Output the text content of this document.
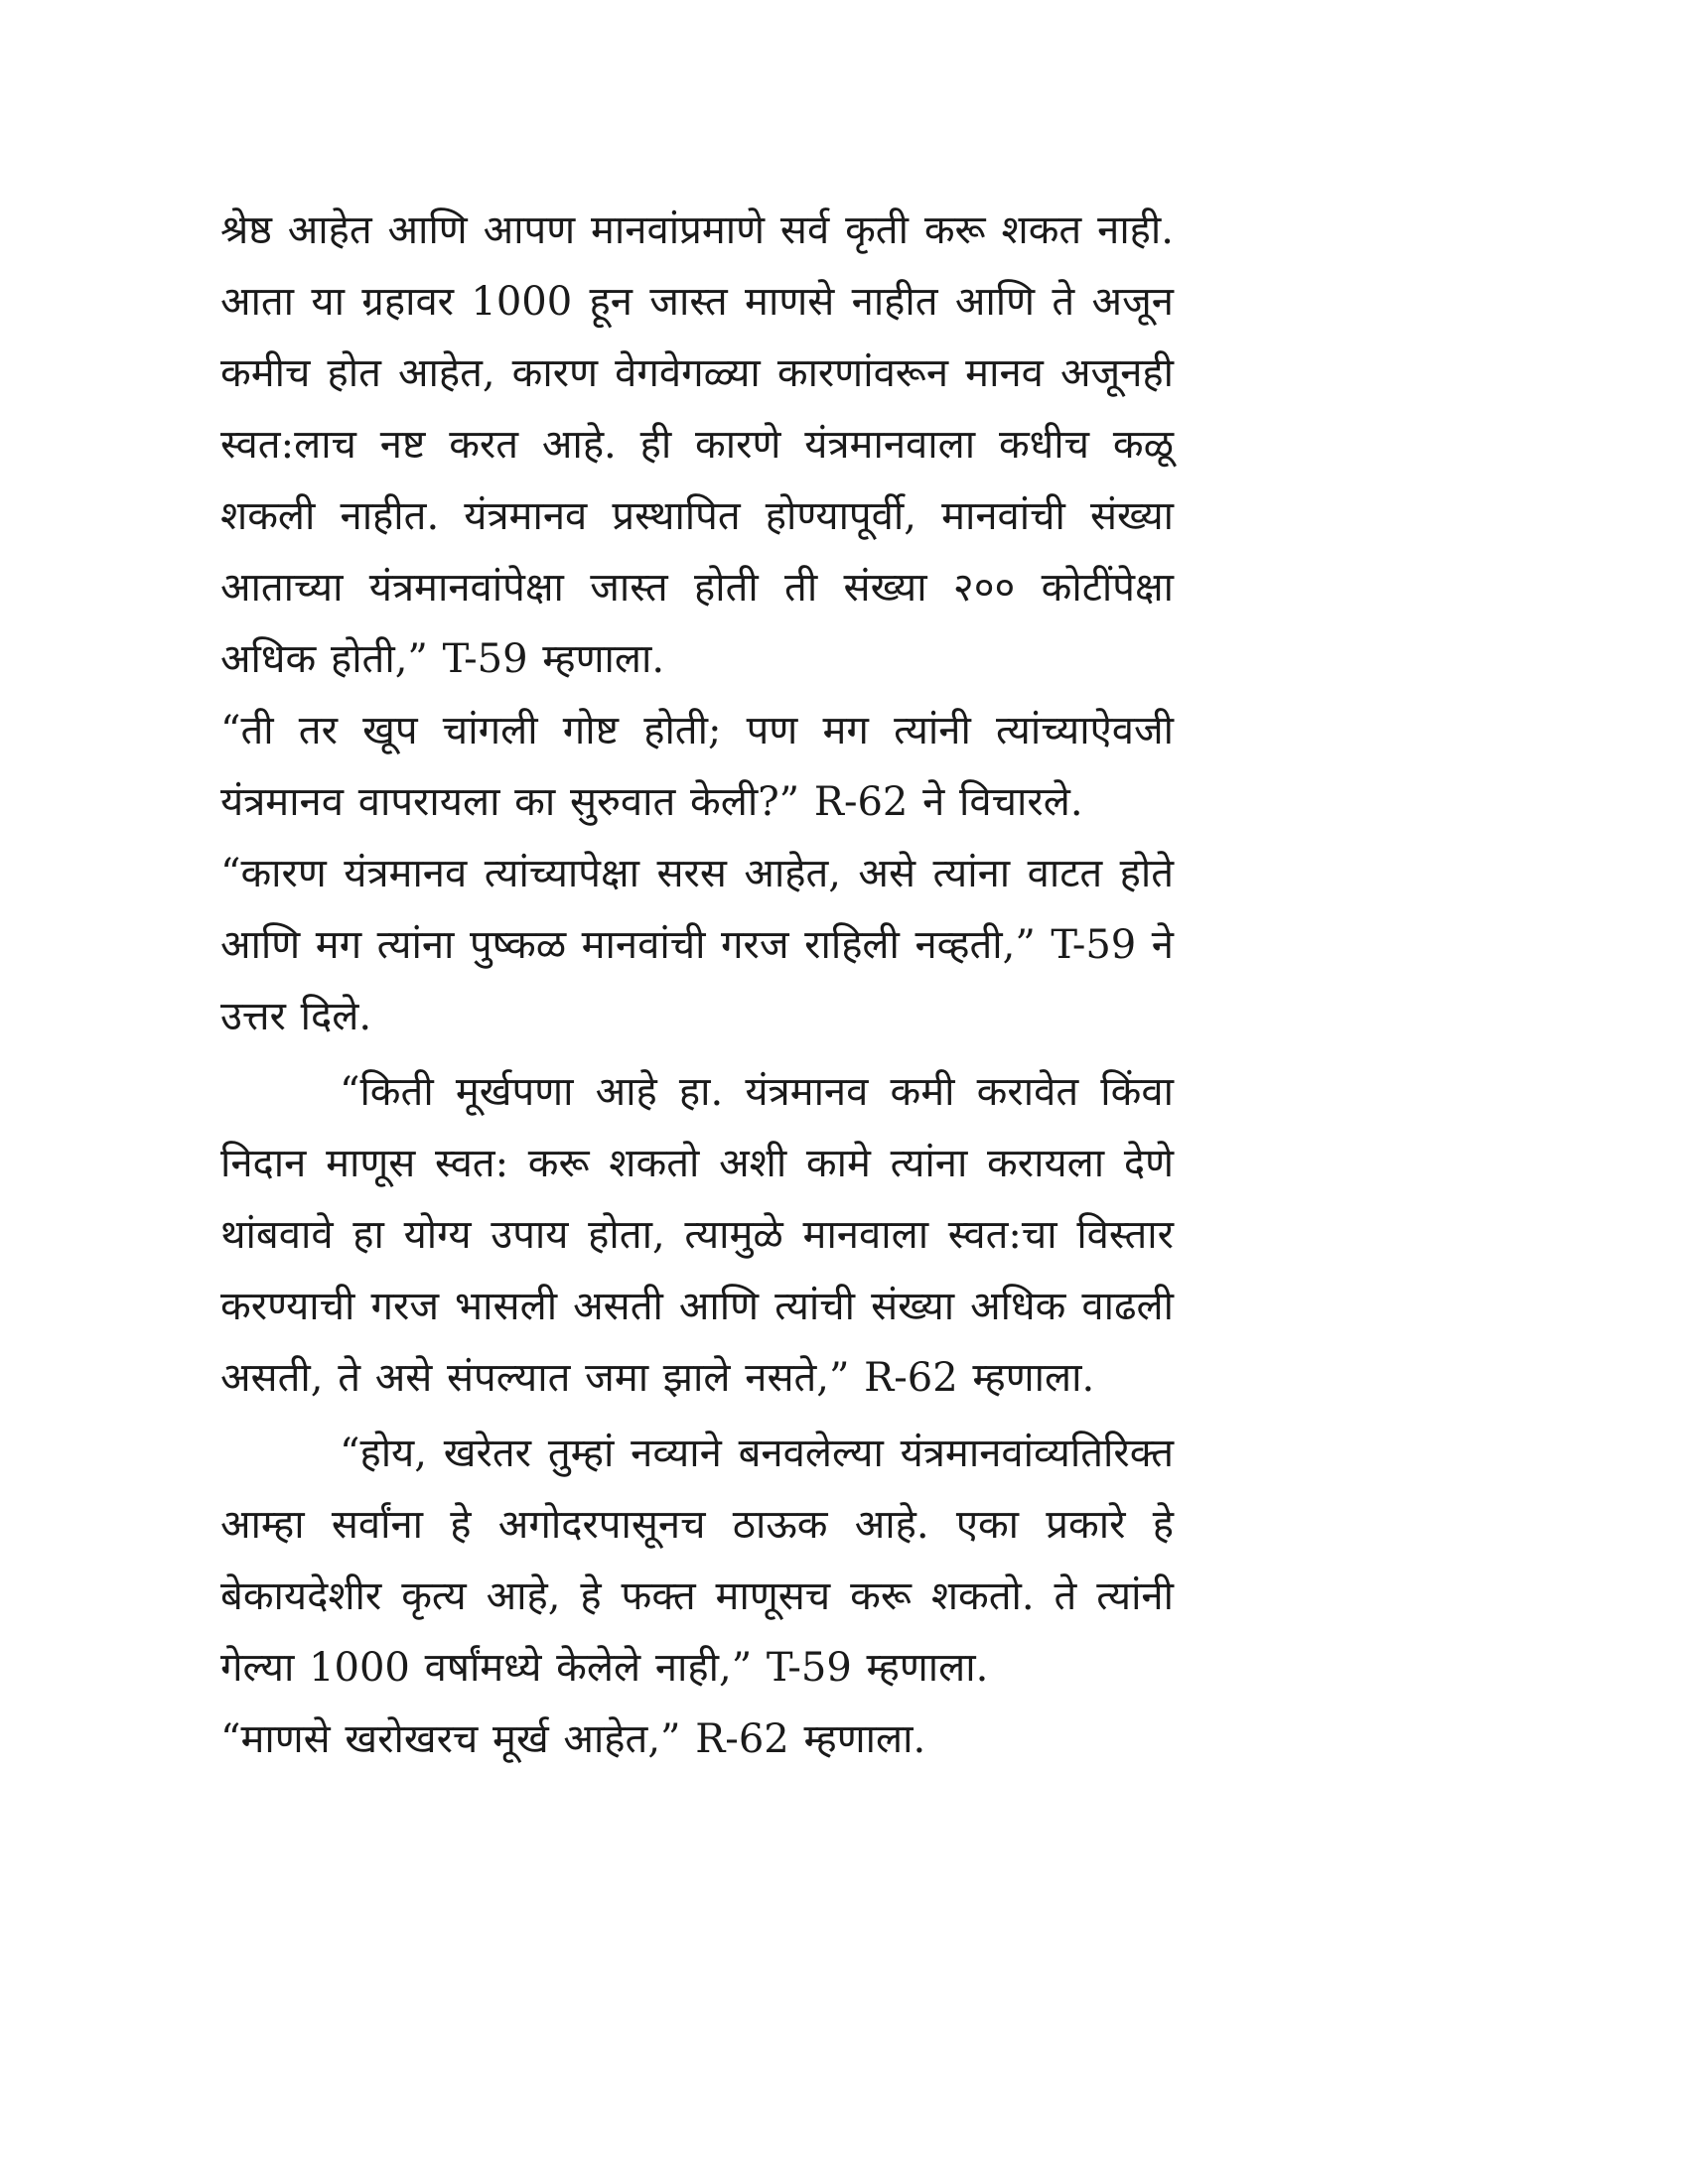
श्रेष्ठ आहेत आणि आपण मानवांप्रमाणे सर्व कृती करू शकत नाही. आता या ग्रहावर 1000 हून जास्त माणसे नाहीत आणि ते अजून कमीच होत आहेत, कारण वेगवेगळ्या कारणांवरून मानव अजूनही स्वत:लाच नष्ट करत आहे. ही कारणे यंत्रमानवाला कधीच कळू शकली नाहीत. यंत्रमानव प्रस्थापित होण्यापूर्वी, मानवांची संख्या आताच्या यंत्रमानवांपेक्षा जास्त होती ती संख्या २०० कोटींपेक्षा अधिक होती,” T-59 म्हणाला.

“ती तर खूप चांगली गोष्ट होती; पण मग त्यांनी त्यांच्याऐवजी यंत्रमानव वापरायला का सुरुवात केली?” R-62 ने विचारले.

“कारण यंत्रमानव त्यांच्यापेक्षा सरस आहेत, असे त्यांना वाटत होते आणि मग त्यांना पुष्कळ मानवांची गरज राहिली नव्हती,” T-59 ने उत्तर दिले.

“किती मूर्खपणा आहे हा. यंत्रमानव कमी करावेत किंवा निदान माणूस स्वत: करू शकतो अशी कामे त्यांना करायला देणे थांबवावे हा योग्य उपाय होता, त्यामुळे मानवाला स्वत:चा विस्तार करण्याची गरज भासली असती आणि त्यांची संख्या अधिक वाढली असती, ते असे संपल्यात जमा झाले नसते,” R-62 म्हणाला.

“होय, खरेतर तुम्हां नव्याने बनवलेल्या यंत्रमानवांव्यतिरिक्त आम्हा सर्वांना हे अगोदरपासूनच ठाऊक आहे. एका प्रकारे हे बेकायदेशीर कृत्य आहे, हे फक्त माणूसच करू शकतो. ते त्यांनी गेल्या 1000 वर्षांमध्ये केलेले नाही,” T-59 म्हणाला.

“माणसे खरोखरच मूर्ख आहेत,” R-62 म्हणाला.
